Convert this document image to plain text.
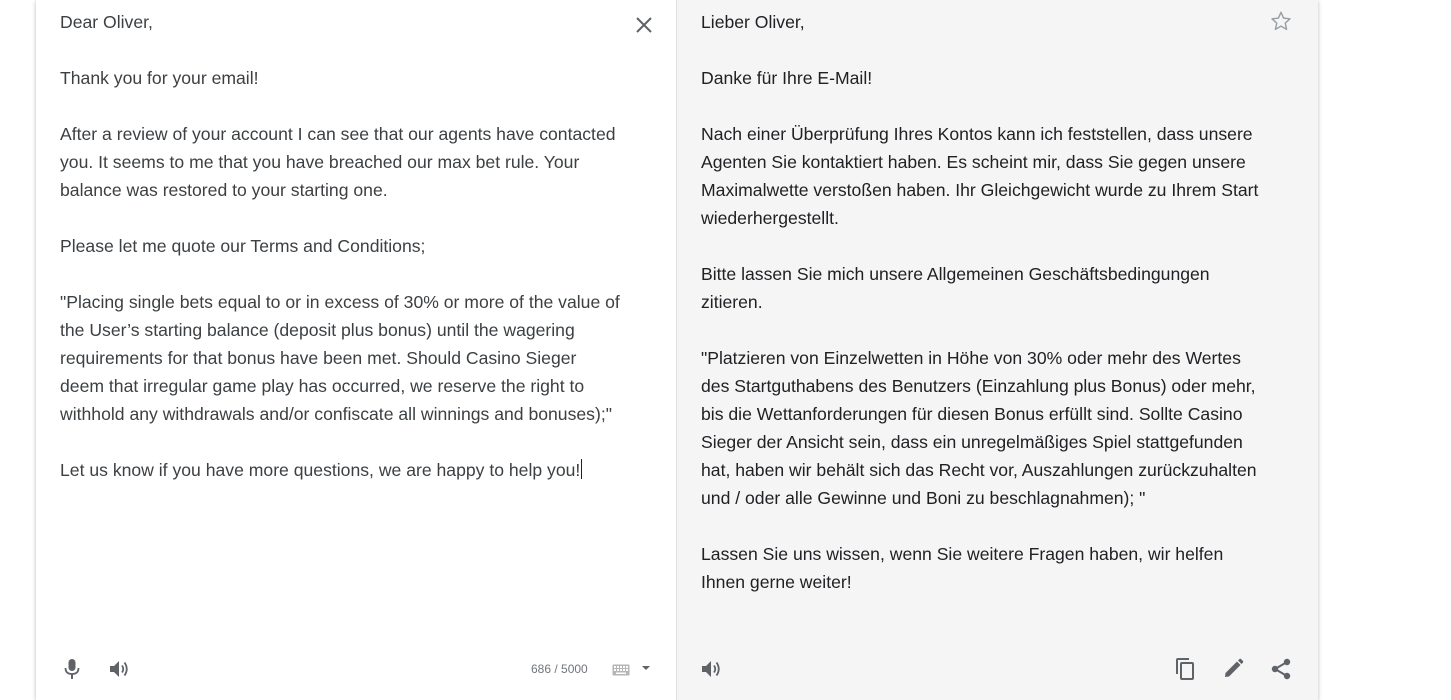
Dear Oliver,

Thank you for your email!

After a review of your account I can see that our agents have contacted you. It seems to me that you have breached our max bet rule. Your balance was restored to your starting one.

Please let me quote our Terms and Conditions;

"Placing single bets equal to or in excess of 30% or more of the value of the User’s starting balance (deposit plus bonus) until the wagering requirements for that bonus have been met. Should Casino Sieger deem that irregular game play has occurred, we reserve the right to withhold any withdrawals and/or confiscate all winnings and bonuses);"

Let us know if you have more questions, we are happy to help you!

686 / 5000

Lieber Oliver,

Danke für Ihre E-Mail!

Nach einer Überprüfung Ihres Kontos kann ich feststellen, dass unsere Agenten Sie kontaktiert haben. Es scheint mir, dass Sie gegen unsere Maximalwette verstoßen haben. Ihr Gleichgewicht wurde zu Ihrem Start wiederhergestellt.

Bitte lassen Sie mich unsere Allgemeinen Geschäftsbedingungen zitieren.

"Platzieren von Einzelwetten in Höhe von 30% oder mehr des Wertes des Startguthabens des Benutzers (Einzahlung plus Bonus) oder mehr, bis die Wettanforderungen für diesen Bonus erfüllt sind. Sollte Casino Sieger der Ansicht sein, dass ein unregelmäßiges Spiel stattgefunden hat, haben wir behält sich das Recht vor, Auszahlungen zurückzuhalten und / oder alle Gewinne und Boni zu beschlagnahmen); "

Lassen Sie uns wissen, wenn Sie weitere Fragen haben, wir helfen Ihnen gerne weiter!
